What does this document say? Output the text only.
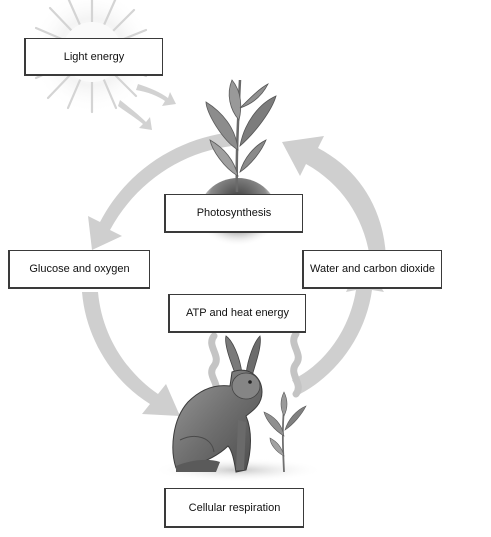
Light energy
Photosynthesis
Glucose and oxygen	Water and carbon dioxide
ATP and heat energy
Cellular respiration
